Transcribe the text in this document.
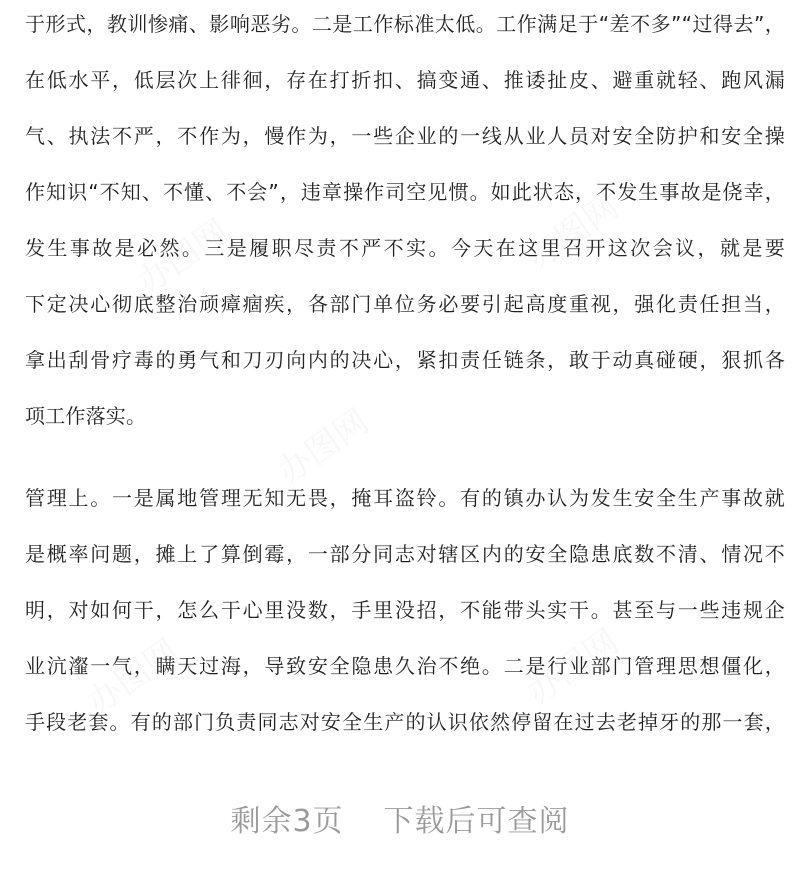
办图网	办图网
办图网
办图网	办图网
于形式，教训惨痛、影响恶劣。二是工作标准太低。工作满足于“差不多”“过得去”，
在低水平，低层次上徘徊，存在打折扣、搞变通、推诿扯皮、避重就轻、跑风漏
气、执法不严，不作为，慢作为，一些企业的一线从业人员对安全防护和安全操
作知识“不知、不懂、不会”，违章操作司空见惯。如此状态，不发生事故是侥幸，
发生事故是必然。三是履职尽责不严不实。今天在这里召开这次会议，就是要
下定决心彻底整治顽瘴痼疾，各部门单位务必要引起高度重视，强化责任担当，
拿出刮骨疗毒的勇气和刀刃向内的决心，紧扣责任链条，敢于动真碰硬，狠抓各
项工作落实。
管理上。一是属地管理无知无畏，掩耳盗铃。有的镇办认为发生安全生产事故就
是概率问题，摊上了算倒霉，一部分同志对辖区内的安全隐患底数不清、情况不
明，对如何干，怎么干心里没数，手里没招，不能带头实干。甚至与一些违规企
业沆瀣一气，瞒天过海，导致安全隐患久治不绝。二是行业部门管理思想僵化，
手段老套。有的部门负责同志对安全生产的认识依然停留在过去老掉牙的那一套，
剩余3页 下载后可查阅
